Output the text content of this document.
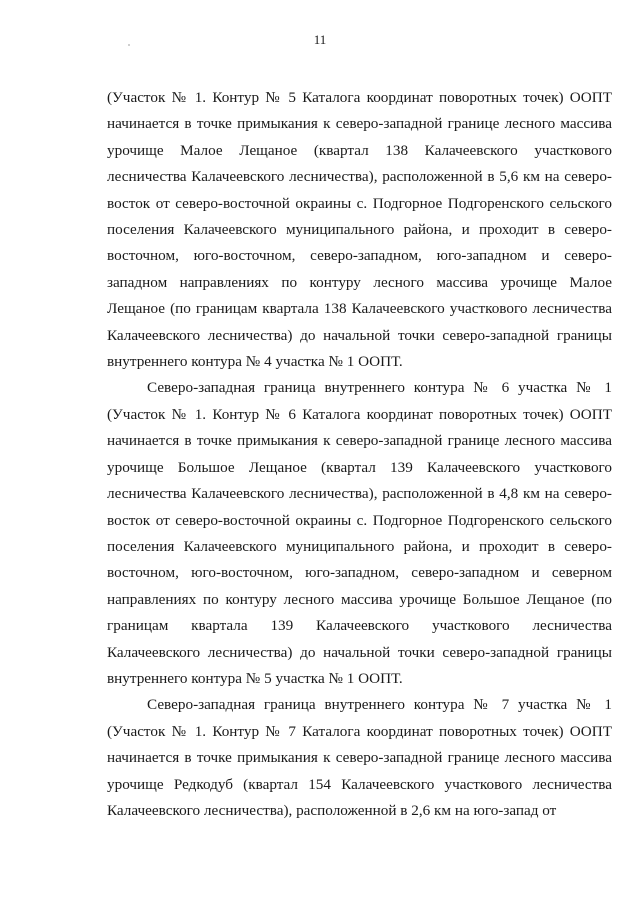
11

(Участок № 1. Контур № 5 Каталога координат поворотных точек) ООПТ начинается в точке примыкания к северо-западной границе лесного массива урочище Малое Лещаное (квартал 138 Калачеевского участкового лесничества Калачеевского лесничества), расположенной в 5,6 км на северо-восток от северо-восточной окраины с. Подгорное Подгоренского сельского поселения Калачеевского муниципального района, и проходит в северо-восточном, юго-восточном, северо-западном, юго-западном и северо-западном направлениях по контуру лесного массива урочище Малое Лещаное (по границам квартала 138 Калачеевского участкового лесничества Калачеевского лесничества) до начальной точки северо-западной границы внутреннего контура № 4 участка № 1 ООПТ.

Северо-западная граница внутреннего контура № 6 участка № 1 (Участок № 1. Контур № 6 Каталога координат поворотных точек) ООПТ начинается в точке примыкания к северо-западной границе лесного массива урочище Большое Лещаное (квартал 139 Калачеевского участкового лесничества Калачеевского лесничества), расположенной в 4,8 км на северо-восток от северо-восточной окраины с. Подгорное Подгоренского сельского поселения Калачеевского муниципального района, и проходит в северо-восточном, юго-восточном, юго-западном, северо-западном и северном направлениях по контуру лесного массива урочище Большое Лещаное (по границам квартала 139 Калачеевского участкового лесничества Калачеевского лесничества) до начальной точки северо-западной границы внутреннего контура № 5 участка № 1 ООПТ.

Северо-западная граница внутреннего контура № 7 участка № 1 (Участок № 1. Контур № 7 Каталога координат поворотных точек) ООПТ начинается в точке примыкания к северо-западной границе лесного массива урочище Редкодуб (квартал 154 Калачеевского участкового лесничества Калачеевского лесничества), расположенной в 2,6 км на юго-запад от
